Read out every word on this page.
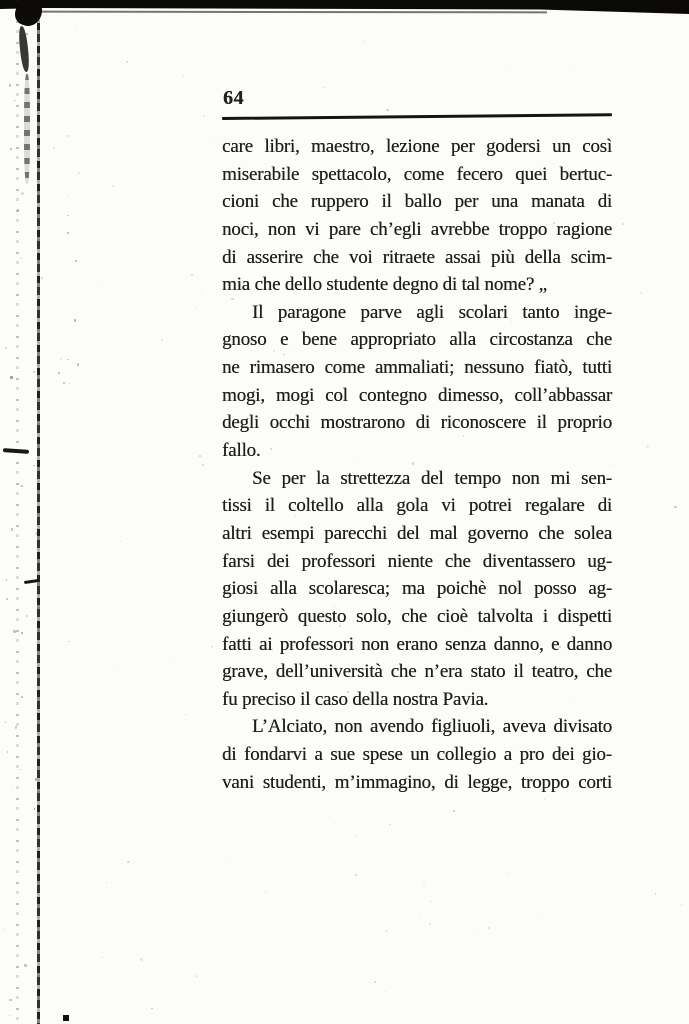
64
care libri, maestro, lezione per godersi un così
miserabile spettacolo, come fecero quei bertuc-
cioni che ruppero il ballo per una manata di
noci, non vi pare ch’egli avrebbe troppo ragione
di asserire che voi ritraete assai più della scim-
mia che dello studente degno di tal nome? „
Il paragone parve agli scolari tanto inge-
gnoso e bene appropriato alla circostanza che
ne rimasero come ammaliati; nessuno fiatò, tutti
mogi, mogi col contegno dimesso, coll’abbassar
degli occhi mostrarono di riconoscere il proprio
fallo.
Se per la strettezza del tempo non mi sen-
tissi il coltello alla gola vi potrei regalare di
altri esempi parecchi del mal governo che solea
farsi dei professori niente che diventassero ug-
giosi alla scolaresca; ma poichè nol posso ag-
giungerò questo solo, che cioè talvolta i dispetti
fatti ai professori non erano senza danno, e danno
grave, dell’università che n’era stato il teatro, che
fu preciso il caso della nostra Pavia.
L’Alciato, non avendo figliuoli, aveva divisato
di fondarvi a sue spese un collegio a pro dei gio-
vani studenti, m’immagino, di legge, troppo corti
